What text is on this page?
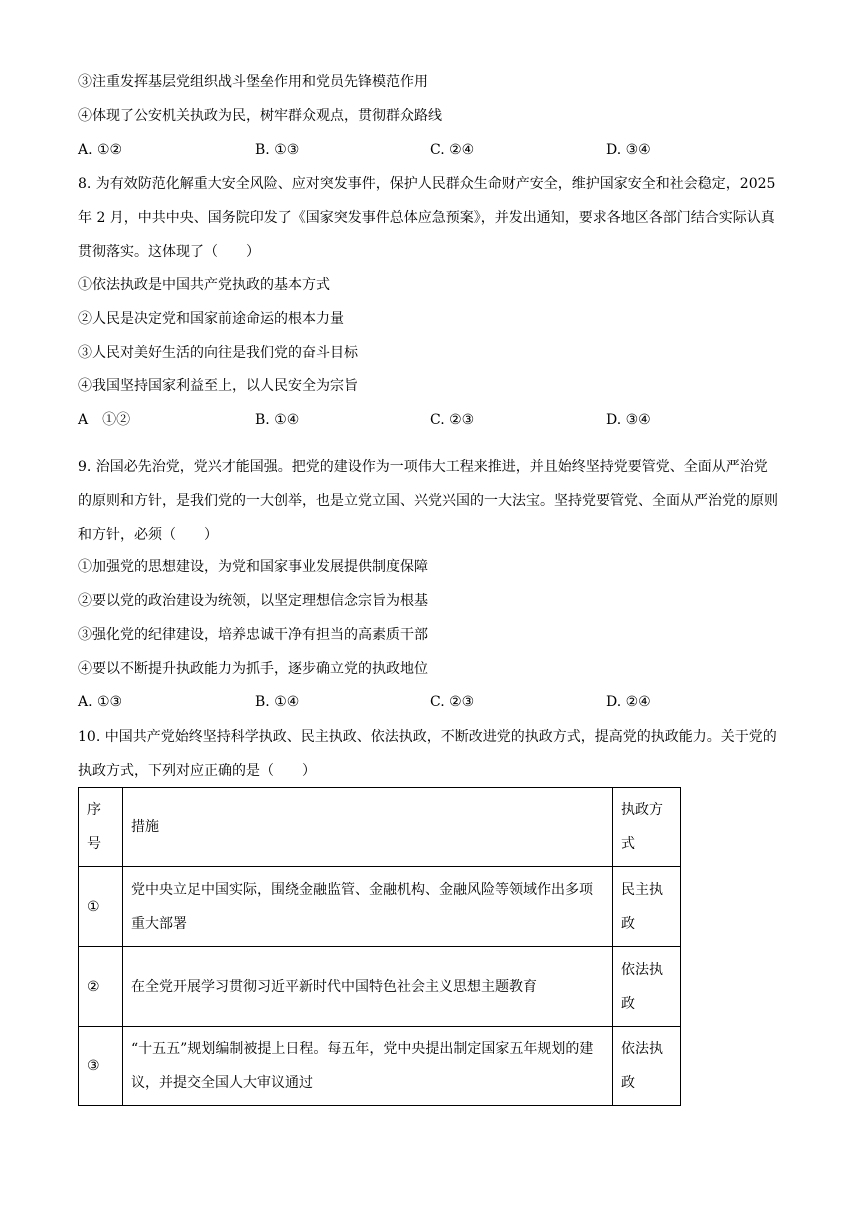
③注重发挥基层党组织战斗堡垒作用和党员先锋模范作用
④体现了公安机关执政为民，树牢群众观点，贯彻群众路线
A. ①②	B. ①③	C. ②④	D. ③④
8. 为有效防范化解重大安全风险、应对突发事件，保护人民群众生命财产安全，维护国家安全和社会稳定，2025 年 2 月，中共中央、国务院印发了《国家突发事件总体应急预案》，并发出通知，要求各地区各部门结合实际认真贯彻落实。这体现了（　　）
①依法执政是中国共产党执政的基本方式
②人民是决定党和国家前途命运的根本力量
③人民对美好生活的向往是我们党的奋斗目标
④我国坚持国家利益至上，以人民安全为宗旨
A　①②	B. ①④	C. ②③	D. ③④
9. 治国必先治党，党兴才能国强。把党的建设作为一项伟大工程来推进，并且始终坚持党要管党、全面从严治党的原则和方针，是我们党的一大创举，也是立党立国、兴党兴国的一大法宝。坚持党要管党、全面从严治党的原则和方针，必须（　　）
①加强党的思想建设，为党和国家事业发展提供制度保障
②要以党的政治建设为统领，以坚定理想信念宗旨为根基
③强化党的纪律建设，培养忠诚干净有担当的高素质干部
④要以不断提升执政能力为抓手，逐步确立党的执政地位
A. ①③	B. ①④	C. ②③	D. ②④
10. 中国共产党始终坚持科学执政、民主执政、依法执政，不断改进党的执政方式，提高党的执政能力。关于党的执政方式，下列对应正确的是（　　）
序号	措施	执政方式
①	党中央立足中国实际，围绕金融监管、金融机构、金融风险等领域作出多项重大部署	民主执政
②	在全党开展学习贯彻习近平新时代中国特色社会主义思想主题教育	依法执政
③	“十五五”规划编制被提上日程。每五年，党中央提出制定国家五年规划的建议，并提交全国人大审议通过	依法执政
